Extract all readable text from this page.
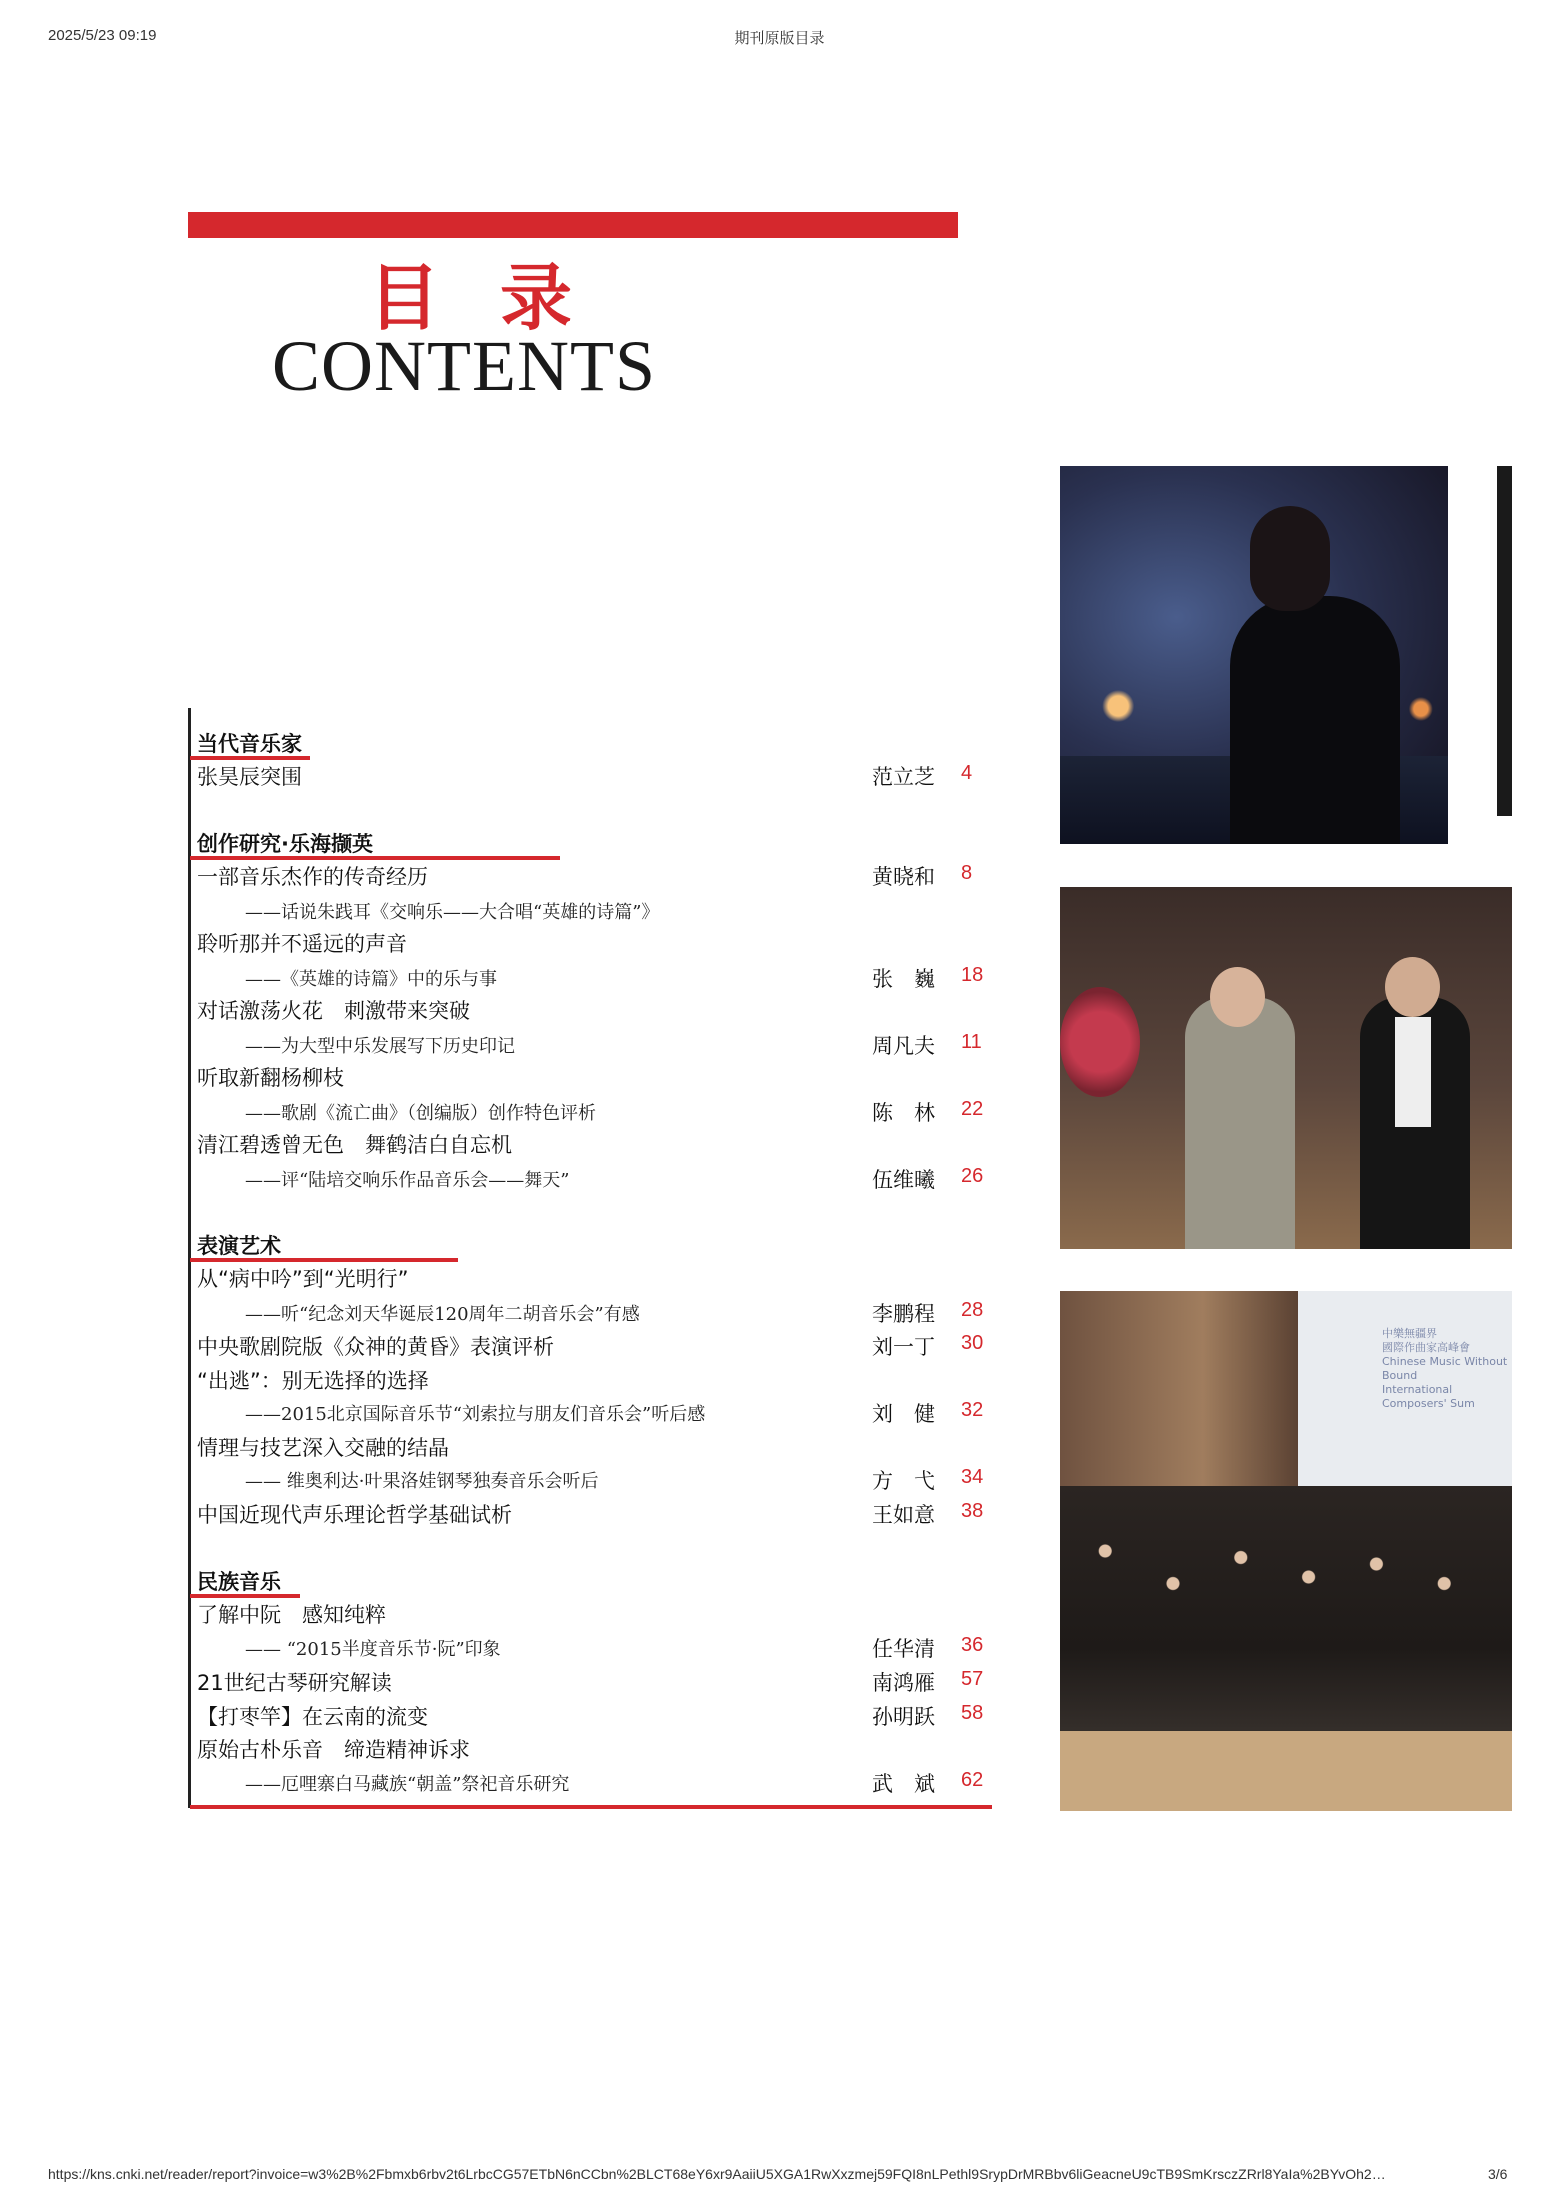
2025/5/23 09:19	期刊原版目录
目录
CONTENTS
当代音乐家
张昊辰突围	范立芝 4
创作研究·乐海撷英
一部音乐杰作的传奇经历	黄晓和 8
——话说朱践耳《交响乐——大合唱“英雄的诗篇”》
聆听那并不遥远的声音
——《英雄的诗篇》中的乐与事	张　巍 18
对话激荡火花　刺激带来突破
——为大型中乐发展写下历史印记	周凡夫 11
听取新翻杨柳枝
——歌剧《流亡曲》（创编版）创作特色评析	陈　林 22
清江碧透曾无色　舞鹤洁白自忘机
——评“陆培交响乐作品音乐会——舞天”	伍维曦 26
表演艺术
从“病中吟”到“光明行”
——听“纪念刘天华诞辰120周年二胡音乐会”有感	李鹏程 28
中央歌剧院版《众神的黄昏》表演评析	刘一丁 30
“出逃”：别无选择的选择
——2015北京国际音乐节“刘索拉与朋友们音乐会”听后感	刘　健 32
情理与技艺深入交融的结晶
—— 维奥利达·叶果洛娃钢琴独奏音乐会听后	方　弋 34
中国近现代声乐理论哲学基础试析	王如意 38
民族音乐
了解中阮　感知纯粹
—— “2015半度音乐节·阮”印象	任华清 36
21世纪古琴研究解读	南鸿雁 57
【打枣竿】在云南的流变	孙明跃 58
原始古朴乐音　缔造精神诉求
——厄哩寨白马藏族“朝盖”祭祀音乐研究	武　斌 62
中樂無疆界
國際作曲家高峰會
Chinese Music Without Bound
International Composers' Sum
https://kns.cnki.net/reader/report?invoice=w3%2B%2Fbmxb6rbv2t6LrbcCG57ETbN6nCCbn%2BLCT68eY6xr9AaiiU5XGA1RwXxzmej59FQI8nLPethl9SrypDrMRBbv6liGeacneU9cTB9SmKrsczZRrl8YaIa%2BYvOh2…	3/6
